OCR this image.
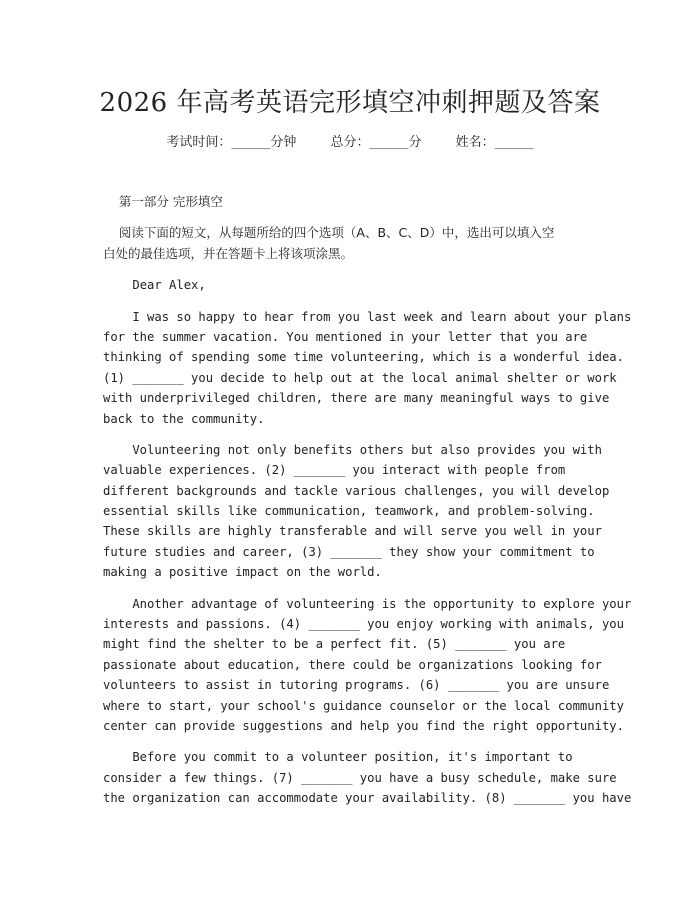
2026 年高考英语完形填空冲刺押题及答案
考试时间：______分钟	总分：______分	姓名：______
第一部分 完形填空
阅读下面的短文，从每题所给的四个选项（A、B、C、D）中，选出可以填入空
白处的最佳选项，并在答题卡上将该项涂黑。
Dear Alex,
I was so happy to hear from you last week and learn about your plans
for the summer vacation. You mentioned in your letter that you are
thinking of spending some time volunteering, which is a wonderful idea.
(1) _______ you decide to help out at the local animal shelter or work
with underprivileged children, there are many meaningful ways to give
back to the community.
Volunteering not only benefits others but also provides you with
valuable experiences. (2) _______ you interact with people from
different backgrounds and tackle various challenges, you will develop
essential skills like communication, teamwork, and problem-solving.
These skills are highly transferable and will serve you well in your
future studies and career, (3) _______ they show your commitment to
making a positive impact on the world.
Another advantage of volunteering is the opportunity to explore your
interests and passions. (4) _______ you enjoy working with animals, you
might find the shelter to be a perfect fit. (5) _______ you are
passionate about education, there could be organizations looking for
volunteers to assist in tutoring programs. (6) _______ you are unsure
where to start, your school's guidance counselor or the local community
center can provide suggestions and help you find the right opportunity.
Before you commit to a volunteer position, it's important to
consider a few things. (7) _______ you have a busy schedule, make sure
the organization can accommodate your availability. (8) _______ you have
